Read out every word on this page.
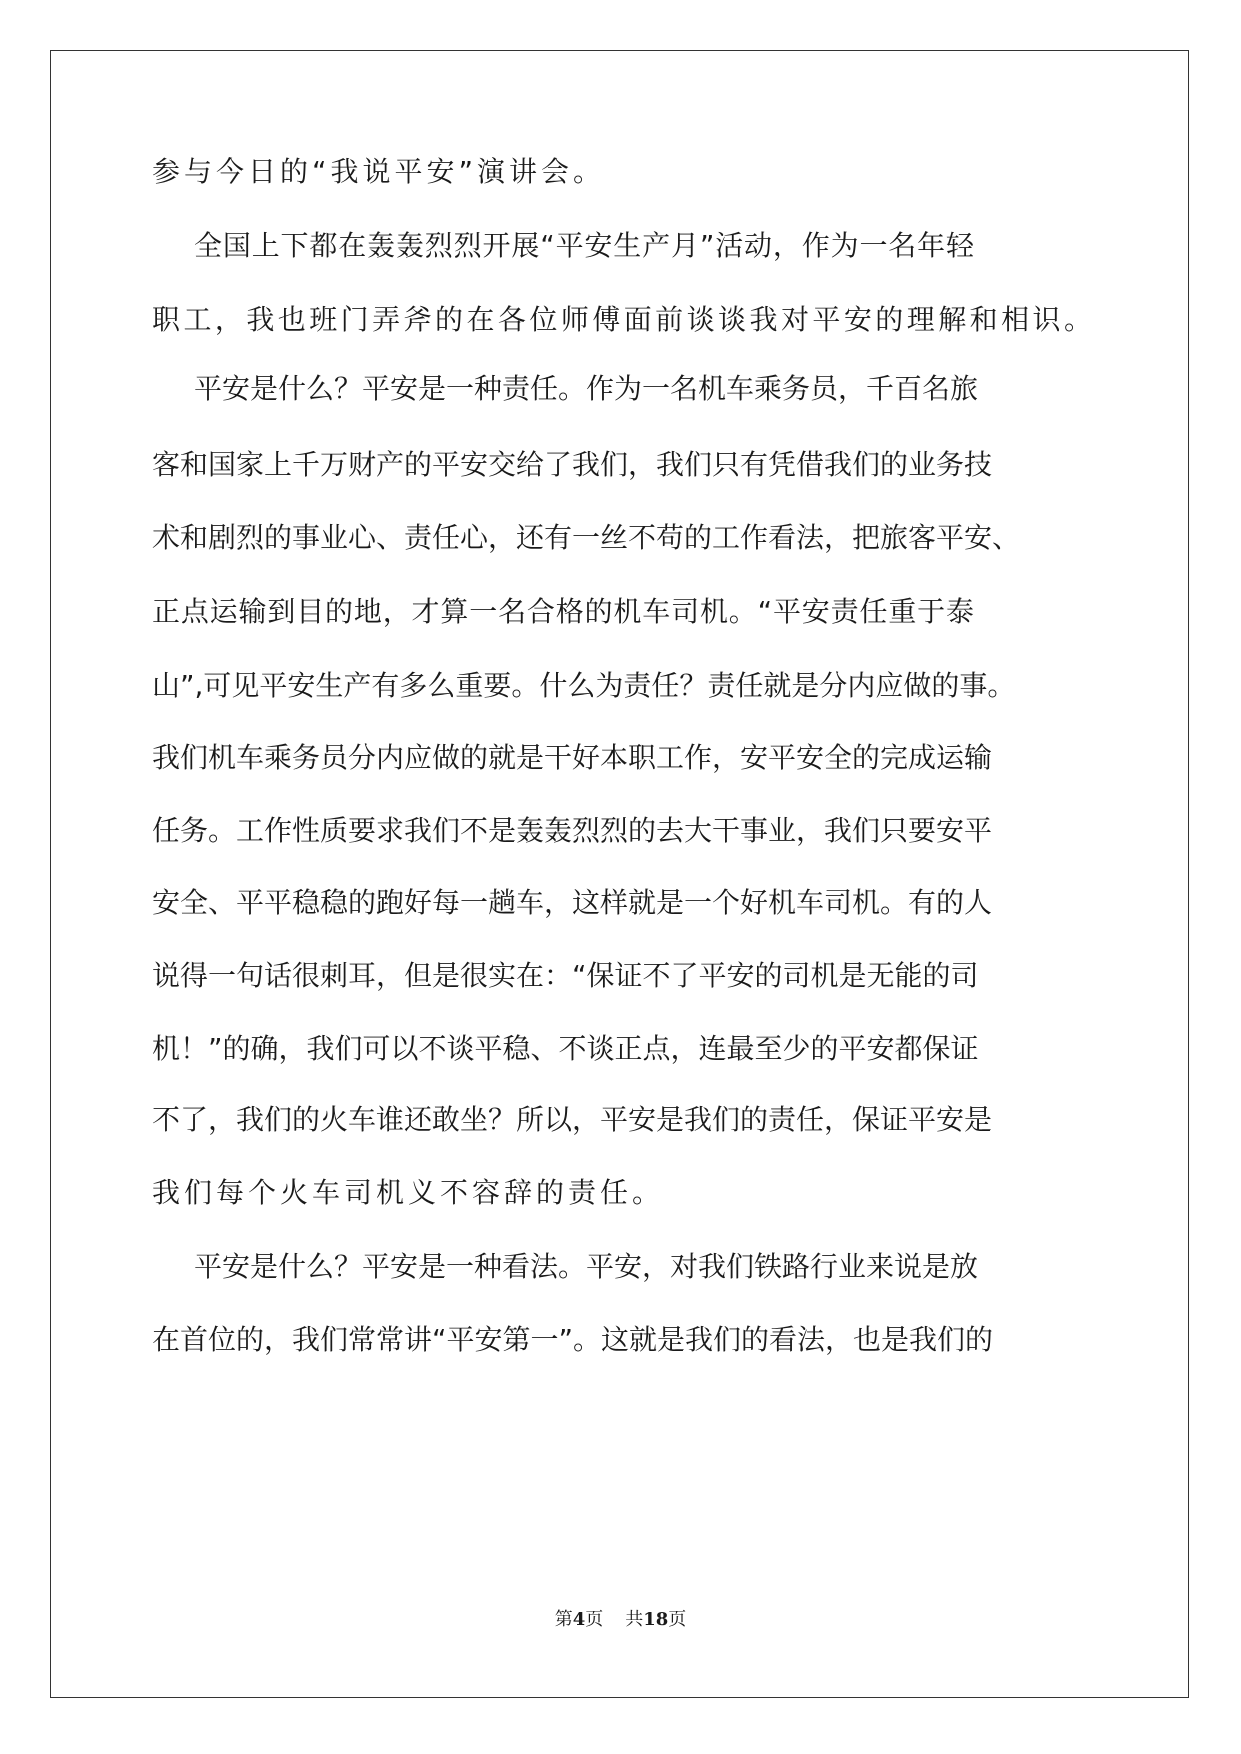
参与今日的“我说平安”演讲会。
全国上下都在轰轰烈烈开展“平安生产月”活动，作为一名年轻
职工，我也班门弄斧的在各位师傅面前谈谈我对平安的理解和相识。
平安是什么？平安是一种责任。作为一名机车乘务员，千百名旅
客和国家上千万财产的平安交给了我们，我们只有凭借我们的业务技
术和剧烈的事业心、责任心，还有一丝不苟的工作看法，把旅客平安、
正点运输到目的地，才算一名合格的机车司机。“平安责任重于泰
山”,可见平安生产有多么重要。什么为责任？责任就是分内应做的事。
我们机车乘务员分内应做的就是干好本职工作，安平安全的完成运输
任务。工作性质要求我们不是轰轰烈烈的去大干事业，我们只要安平
安全、平平稳稳的跑好每一趟车，这样就是一个好机车司机。有的人
说得一句话很刺耳，但是很实在：“保证不了平安的司机是无能的司
机！”的确，我们可以不谈平稳、不谈正点，连最至少的平安都保证
不了，我们的火车谁还敢坐？所以，平安是我们的责任，保证平安是
我们每个火车司机义不容辞的责任。
平安是什么？平安是一种看法。平安，对我们铁路行业来说是放
在首位的，我们常常讲“平安第一”。这就是我们的看法，也是我们的
第4页 共18页
